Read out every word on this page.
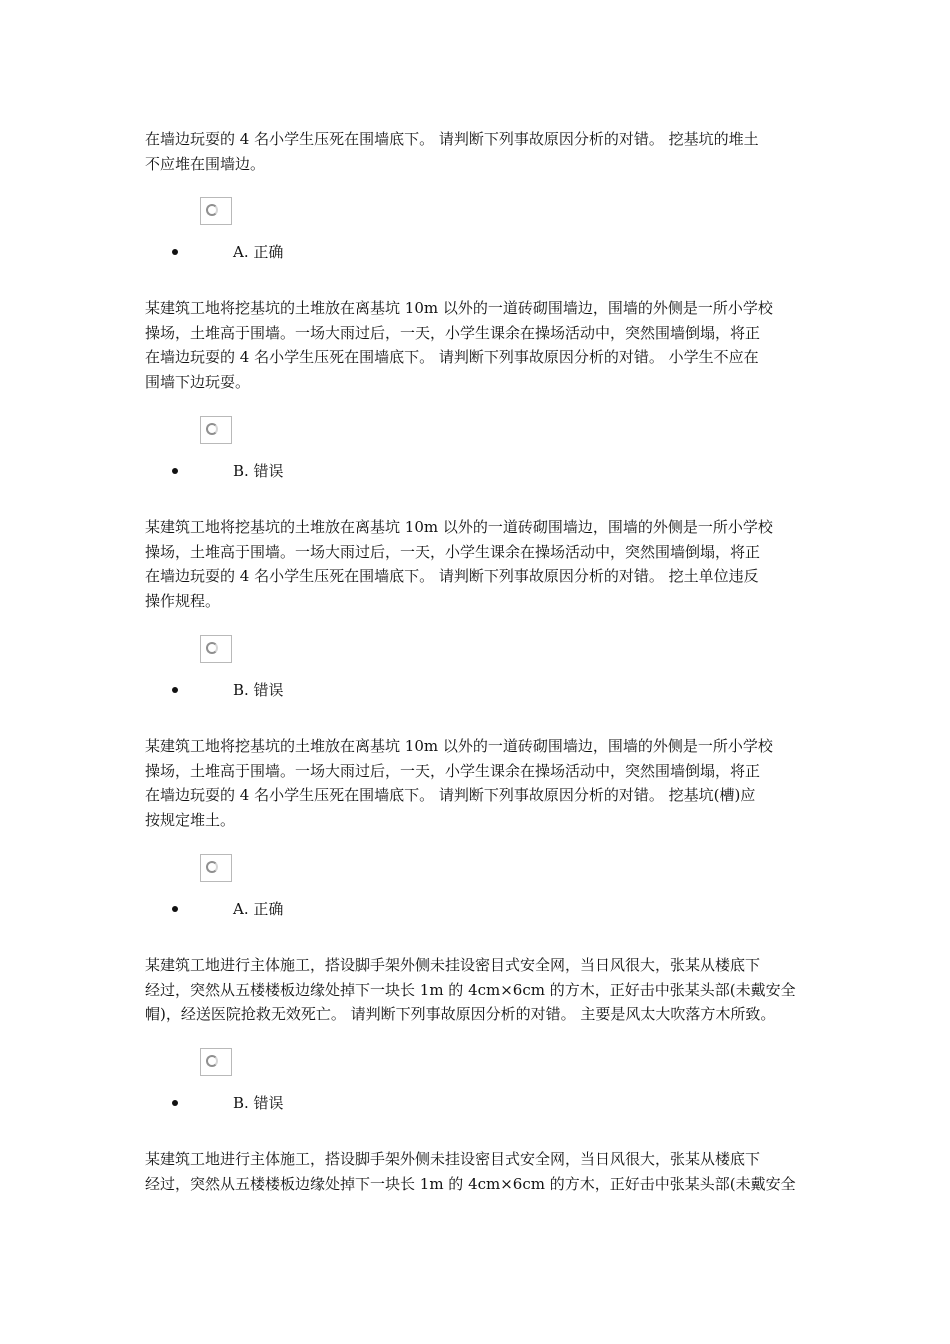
在墙边玩耍的 4 名小学生压死在围墙底下。 请判断下列事故原因分析的对错。 挖基坑的堆土
不应堆在围墙边。

A. 正确

某建筑工地将挖基坑的土堆放在离基坑 10m 以外的一道砖砌围墙边，围墙的外侧是一所小学校
操场，土堆高于围墙。一场大雨过后，一天，小学生课余在操场活动中，突然围墙倒塌，将正
在墙边玩耍的 4 名小学生压死在围墙底下。 请判断下列事故原因分析的对错。 小学生不应在
围墙下边玩耍。

B. 错误

某建筑工地将挖基坑的土堆放在离基坑 10m 以外的一道砖砌围墙边，围墙的外侧是一所小学校
操场，土堆高于围墙。一场大雨过后，一天，小学生课余在操场活动中，突然围墙倒塌，将正
在墙边玩耍的 4 名小学生压死在围墙底下。 请判断下列事故原因分析的对错。 挖土单位违反
操作规程。

B. 错误

某建筑工地将挖基坑的土堆放在离基坑 10m 以外的一道砖砌围墙边，围墙的外侧是一所小学校
操场，土堆高于围墙。一场大雨过后，一天，小学生课余在操场活动中，突然围墙倒塌，将正
在墙边玩耍的 4 名小学生压死在围墙底下。 请判断下列事故原因分析的对错。 挖基坑(槽)应
按规定堆土。

A. 正确

某建筑工地进行主体施工，搭设脚手架外侧未挂设密目式安全网，当日风很大，张某从楼底下
经过，突然从五楼楼板边缘处掉下一块长 1m 的 4cm×6cm 的方木，正好击中张某头部(未戴安全
帽)，经送医院抢救无效死亡。 请判断下列事故原因分析的对错。 主要是风太大吹落方木所致。

B. 错误

某建筑工地进行主体施工，搭设脚手架外侧未挂设密目式安全网，当日风很大，张某从楼底下
经过，突然从五楼楼板边缘处掉下一块长 1m 的 4cm×6cm 的方木，正好击中张某头部(未戴安全
